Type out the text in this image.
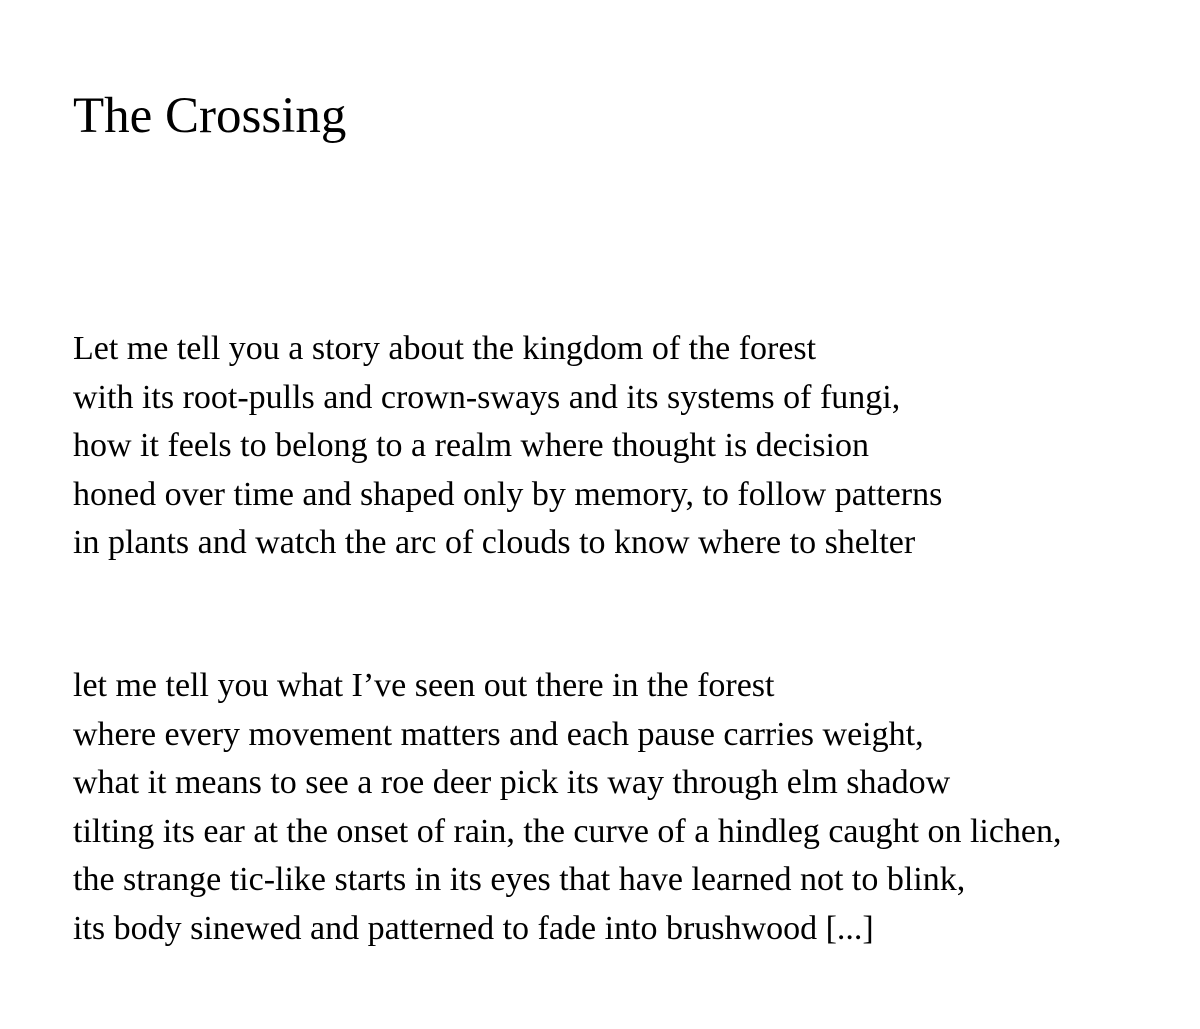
The Crossing
Let me tell you a story about the kingdom of the forest
with its root-pulls and crown-sways and its systems of fungi,
how it feels to belong to a realm where thought is decision
honed over time and shaped only by memory, to follow patterns
in plants and watch the arc of clouds to know where to shelter
let me tell you what I’ve seen out there in the forest
where every movement matters and each pause carries weight,
what it means to see a roe deer pick its way through elm shadow
tilting its ear at the onset of rain, the curve of a hindleg caught on lichen,
the strange tic-like starts in its eyes that have learned not to blink,
its body sinewed and patterned to fade into brushwood [...]
